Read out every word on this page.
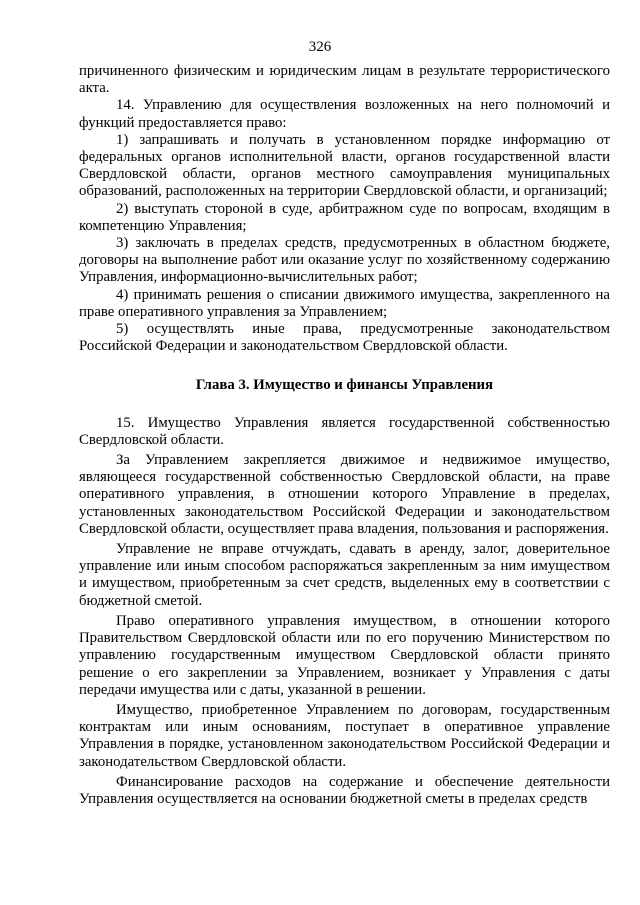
326

причиненного физическим и юридическим лицам в результате террористического акта.

14. Управлению для осуществления возложенных на него полномочий и функций предоставляется право:

1) запрашивать и получать в установленном порядке информацию от федеральных органов исполнительной власти, органов государственной власти Свердловской области, органов местного самоуправления муниципальных образований, расположенных на территории Свердловской области, и организаций;

2) выступать стороной в суде, арбитражном суде по вопросам, входящим в компетенцию Управления;

3) заключать в пределах средств, предусмотренных в областном бюджете, договоры на выполнение работ или оказание услуг по хозяйственному содержанию Управления, информационно-вычислительных работ;

4) принимать решения о списании движимого имущества, закрепленного на праве оперативного управления за Управлением;

5) осуществлять иные права, предусмотренные законодательством Российской Федерации и законодательством Свердловской области.

Глава 3. Имущество и финансы Управления

15. Имущество Управления является государственной собственностью Свердловской области.

За Управлением закрепляется движимое и недвижимое имущество, являющееся государственной собственностью Свердловской области, на праве оперативного управления, в отношении которого Управление в пределах, установленных законодательством Российской Федерации и законодательством Свердловской области, осуществляет права владения, пользования и распоряжения.

Управление не вправе отчуждать, сдавать в аренду, залог, доверительное управление или иным способом распоряжаться закрепленным за ним имуществом и имуществом, приобретенным за счет средств, выделенных ему в соответствии с бюджетной сметой.

Право оперативного управления имуществом, в отношении которого Правительством Свердловской области или по его поручению Министерством по управлению государственным имуществом Свердловской области принято решение о его закреплении за Управлением, возникает у Управления с даты передачи имущества или с даты, указанной в решении.

Имущество, приобретенное Управлением по договорам, государственным контрактам или иным основаниям, поступает в оперативное управление Управления в порядке, установленном законодательством Российской Федерации и законодательством Свердловской области.

Финансирование расходов на содержание и обеспечение деятельности Управления осуществляется на основании бюджетной сметы в пределах средств
